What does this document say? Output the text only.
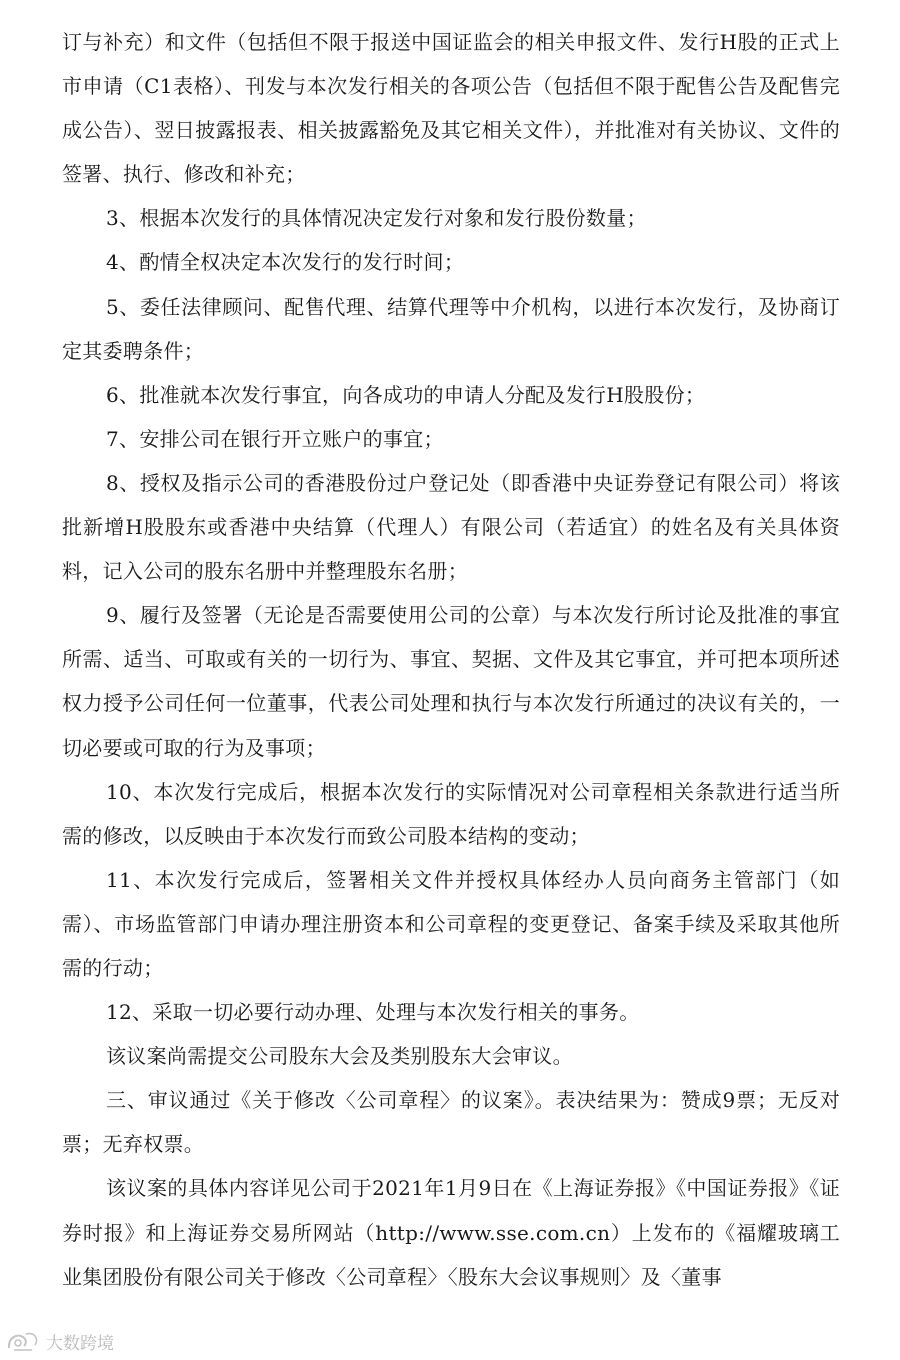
订与补充）和文件（包括但不限于报送中国证监会的相关申报文件、发行H股的正式上市申请（C1表格）、刊发与本次发行相关的各项公告（包括但不限于配售公告及配售完成公告）、翌日披露报表、相关披露豁免及其它相关文件），并批准对有关协议、文件的签署、执行、修改和补充；

3、根据本次发行的具体情况决定发行对象和发行股份数量；

4、酌情全权决定本次发行的发行时间；

5、委任法律顾问、配售代理、结算代理等中介机构，以进行本次发行，及协商订定其委聘条件；

6、批准就本次发行事宜，向各成功的申请人分配及发行H股股份；

7、安排公司在银行开立账户的事宜；

8、授权及指示公司的香港股份过户登记处（即香港中央证券登记有限公司）将该批新增H股股东或香港中央结算（代理人）有限公司（若适宜）的姓名及有关具体资料，记入公司的股东名册中并整理股东名册；

9、履行及签署（无论是否需要使用公司的公章）与本次发行所讨论及批准的事宜所需、适当、可取或有关的一切行为、事宜、契据、文件及其它事宜，并可把本项所述权力授予公司任何一位董事，代表公司处理和执行与本次发行所通过的决议有关的，一切必要或可取的行为及事项；

10、本次发行完成后，根据本次发行的实际情况对公司章程相关条款进行适当所需的修改，以反映由于本次发行而致公司股本结构的变动；

11、本次发行完成后，签署相关文件并授权具体经办人员向商务主管部门（如需）、市场监管部门申请办理注册资本和公司章程的变更登记、备案手续及采取其他所需的行动；

12、采取一切必要行动办理、处理与本次发行相关的事务。

该议案尚需提交公司股东大会及类别股东大会审议。

三、审议通过《关于修改〈公司章程〉的议案》。表决结果为：赞成9票；无反对票；无弃权票。

该议案的具体内容详见公司于2021年1月9日在《上海证券报》《中国证券报》《证券时报》和上海证券交易所网站（http://www.sse.com.cn）上发布的《福耀玻璃工业集团股份有限公司关于修改〈公司章程〉〈股东大会议事规则〉及〈董事

大数跨境
